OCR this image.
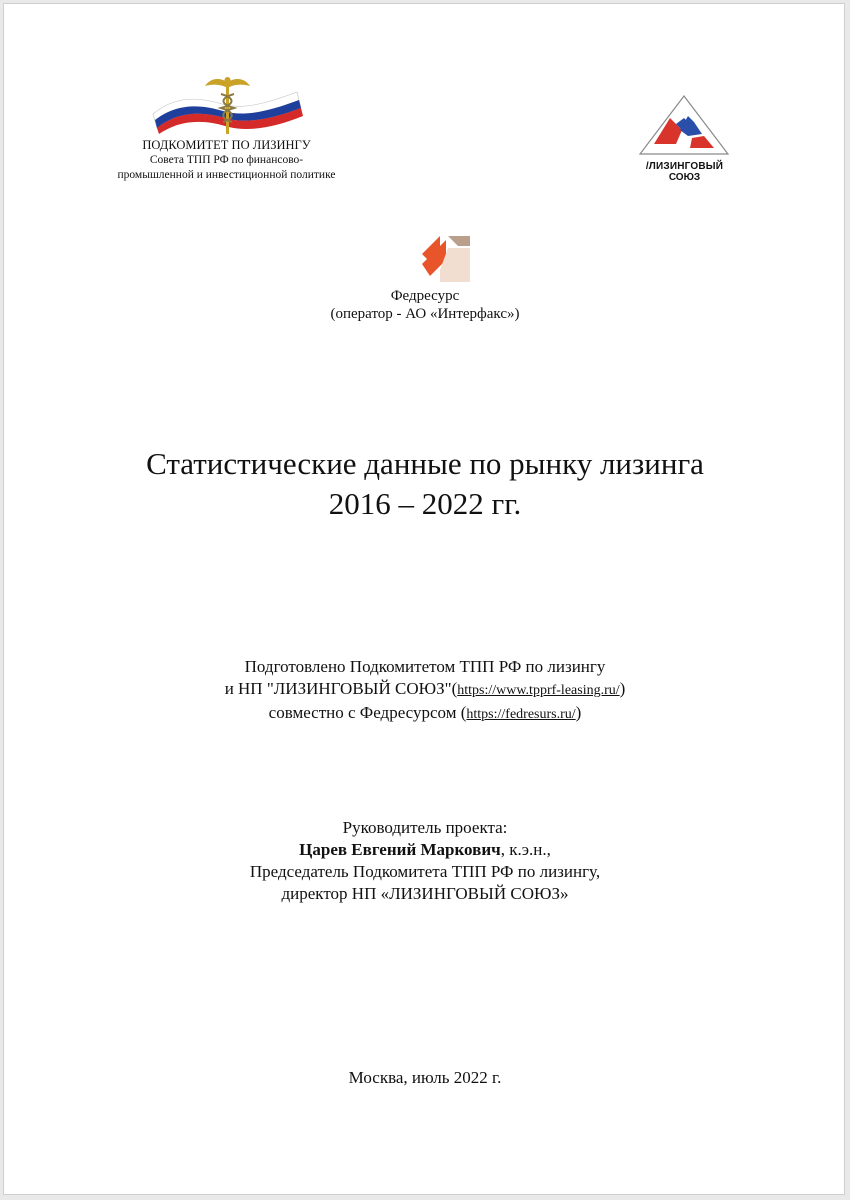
ПОДКОМИТЕТ ПО ЛИЗИНГУ
Совета ТПП РФ по финансово-
промышленной и инвестиционной политике
/ЛИЗИНГОВЫЙ
СОЮЗ
Федресурс
(оператор - АО «Интерфакс»)
Статистические данные по рынку лизинга
2016 – 2022 гг.
Подготовлено Подкомитетом ТПП РФ по лизингу
и НП "ЛИЗИНГОВЫЙ СОЮЗ"(https://www.tpprf-leasing.ru/)
совместно с Федресурсом (https://fedresurs.ru/)
Руководитель проекта:
Царев Евгений Маркович, к.э.н.,
Председатель Подкомитета ТПП РФ по лизингу,
директор НП «ЛИЗИНГОВЫЙ СОЮЗ»
Москва, июль 2022 г.
